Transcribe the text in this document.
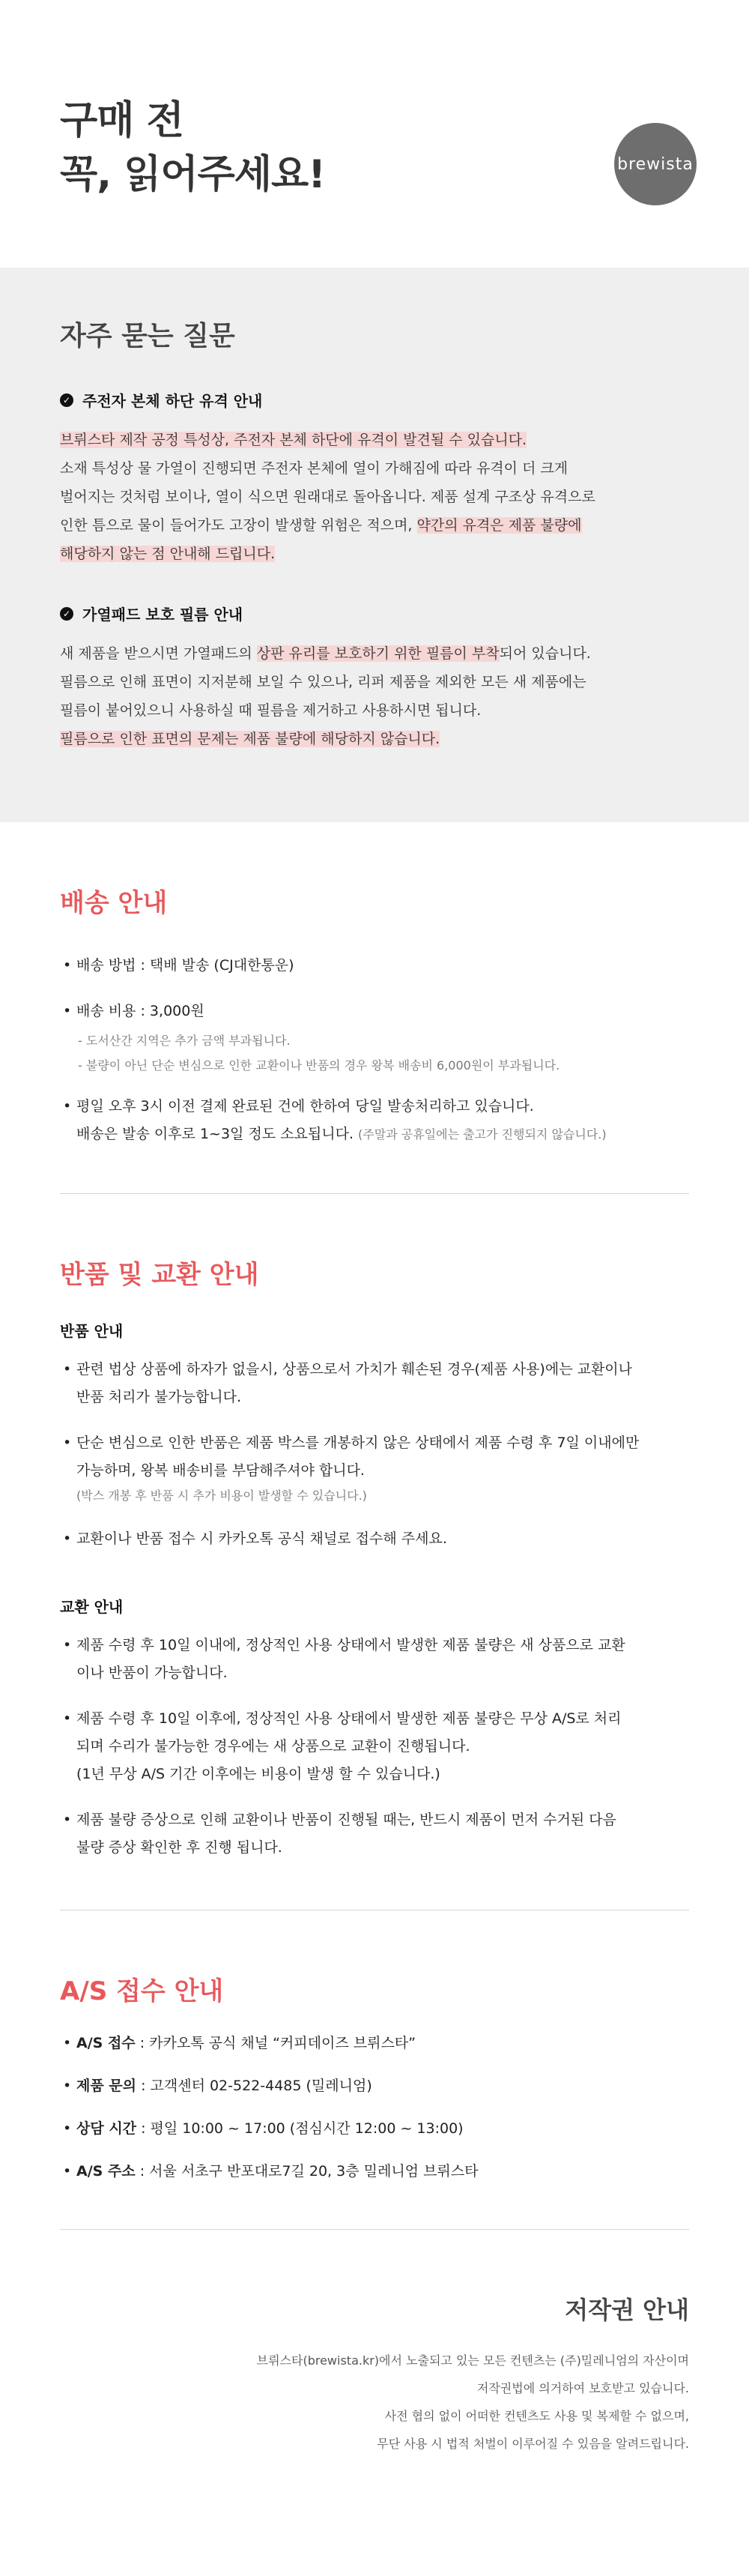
구매 전
꼭, 읽어주세요!	brewista
자주 묻는 질문
✓ 주전자 본체 하단 유격 안내
브뤼스타 제작 공정 특성상, 주전자 본체 하단에 유격이 발견될 수 있습니다.
소재 특성상 물 가열이 진행되면 주전자 본체에 열이 가해짐에 따라 유격이 더 크게
벌어지는 것처럼 보이나, 열이 식으면 원래대로 돌아옵니다. 제품 설계 구조상 유격으로
인한 틈으로 물이 들어가도 고장이 발생할 위험은 적으며, 약간의 유격은 제품 불량에
해당하지 않는 점 안내해 드립니다.
✓ 가열패드 보호 필름 안내
새 제품을 받으시면 가열패드의 상판 유리를 보호하기 위한 필름이 부착되어 있습니다.
필름으로 인해 표면이 지저분해 보일 수 있으나, 리퍼 제품을 제외한 모든 새 제품에는
필름이 붙어있으니 사용하실 때 필름을 제거하고 사용하시면 됩니다.
필름으로 인한 표면의 문제는 제품 불량에 해당하지 않습니다.
배송 안내
• 배송 방법 : 택배 발송 (CJ대한통운)
• 배송 비용 : 3,000원
- 도서산간 지역은 추가 금액 부과됩니다.
- 불량이 아닌 단순 변심으로 인한 교환이나 반품의 경우 왕복 배송비 6,000원이 부과됩니다.
• 평일 오후 3시 이전 결제 완료된 건에 한하여 당일 발송처리하고 있습니다.
배송은 발송 이후로 1~3일 정도 소요됩니다. (주말과 공휴일에는 출고가 진행되지 않습니다.)
반품 및 교환 안내
반품 안내
• 관련 법상 상품에 하자가 없을시, 상품으로서 가치가 훼손된 경우(제품 사용)에는 교환이나
반품 처리가 불가능합니다.
• 단순 변심으로 인한 반품은 제품 박스를 개봉하지 않은 상태에서 제품 수령 후 7일 이내에만
가능하며, 왕복 배송비를 부담해주셔야 합니다.
(박스 개봉 후 반품 시 추가 비용이 발생할 수 있습니다.)
• 교환이나 반품 접수 시 카카오톡 공식 채널로 접수해 주세요.
교환 안내
• 제품 수령 후 10일 이내에, 정상적인 사용 상태에서 발생한 제품 불량은 새 상품으로 교환
이나 반품이 가능합니다.
• 제품 수령 후 10일 이후에, 정상적인 사용 상태에서 발생한 제품 불량은 무상 A/S로 처리
되며 수리가 불가능한 경우에는 새 상품으로 교환이 진행됩니다.
(1년 무상 A/S 기간 이후에는 비용이 발생 할 수 있습니다.)
• 제품 불량 증상으로 인해 교환이나 반품이 진행될 때는, 반드시 제품이 먼저 수거된 다음
불량 증상 확인한 후 진행 됩니다.
A/S 접수 안내
• A/S 접수 : 카카오톡 공식 채널 “커피데이즈 브뤼스타”
• 제품 문의 : 고객센터 02-522-4485 (밀레니엄)
• 상담 시간 : 평일 10:00 ~ 17:00 (점심시간 12:00 ~ 13:00)
• A/S 주소 : 서울 서초구 반포대로7길 20, 3층 밀레니엄 브뤼스타
저작권 안내
브뤼스타(brewista.kr)에서 노출되고 있는 모든 컨텐츠는 (주)밀레니엄의 자산이며
저작권법에 의거하여 보호받고 있습니다.
사전 협의 없이 어떠한 컨텐츠도 사용 및 복제할 수 없으며,
무단 사용 시 법적 처벌이 이루어질 수 있음을 알려드립니다.
